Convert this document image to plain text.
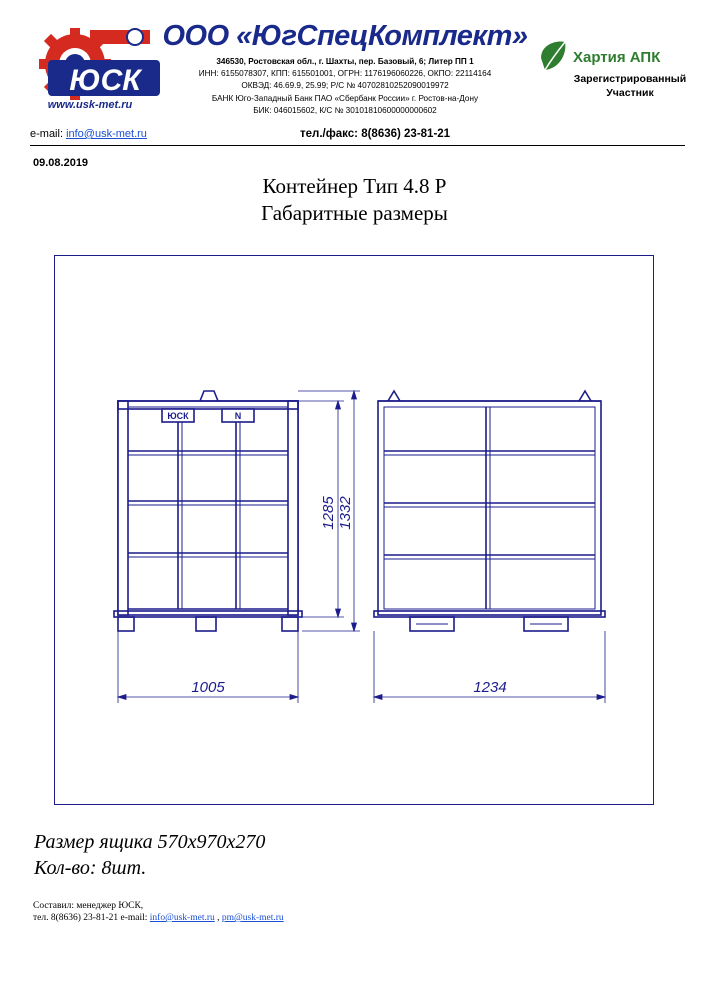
ЮСК
www.usk-met.ru
ООО «ЮгСпецКомплект»
346530, Ростовская обл., г. Шахты, пер. Базовый, 6; Литер ПП 1
ИНН: 6155078307, КПП: 615501001, ОГРН: 1176196060226, ОКПО: 22114164
ОКВЭД: 46.69.9, 25.99; Р/С № 40702810252090019972
БАНК Юго-Западный Банк ПАО «Сбербанк России» г. Ростов-на-Дону
БИК: 046015602, К/С № 30101810600000000602
Хартия АПК
Зарегистрированный
Участник
e-mail: info@usk-met.ru	тел./факс: 8(8636) 23-81-21
09.08.2019
Контейнер Тип 4.8 Р
Габаритные размеры
ЮСК	N
1005	1234
1285 1332
Размер ящика 570х970х270
Кол-во: 8шт.
Составил: менеджер ЮСК,
тел. 8(8636) 23-81-21 e-mail: info@usk-met.ru , pm@usk-met.ru
